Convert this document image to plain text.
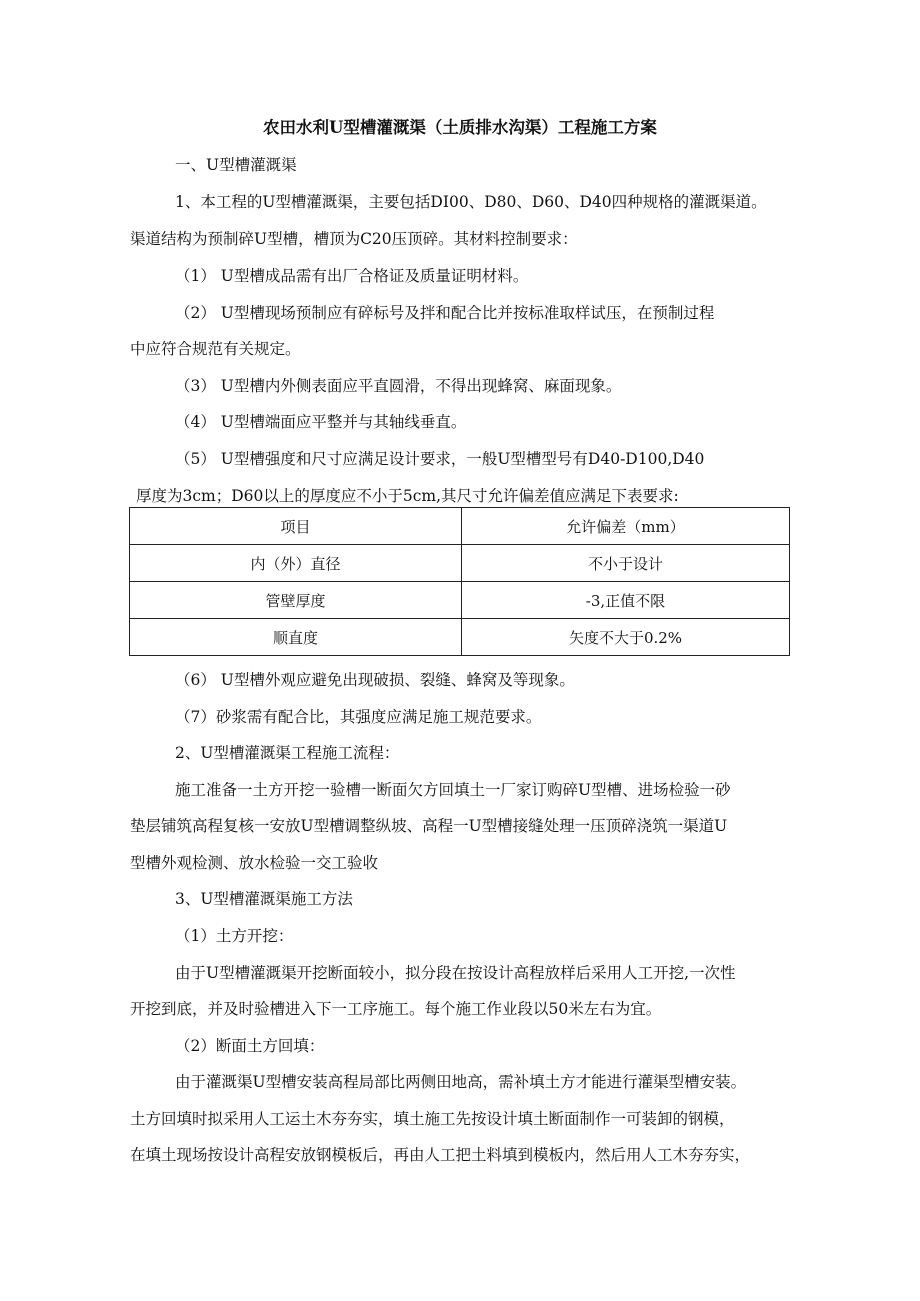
农田水利U型槽灌溉渠（土质排水沟渠）工程施工方案
一、U型槽灌溉渠
1、本工程的U型槽灌溉渠，主要包括DI00、D80、D60、D40四种规格的灌溉渠道。
渠道结构为预制碎U型槽，槽顶为C20压顶碎。其材料控制要求：
（1） U型槽成品需有出厂合格证及质量证明材料。
（2） U型槽现场预制应有碎标号及拌和配合比并按标准取样试压，在预制过程
中应符合规范有关规定。
（3） U型槽内外侧表面应平直圆滑，不得出现蜂窝、麻面现象。
（4） U型槽端面应平整并与其轴线垂直。
（5） U型槽强度和尺寸应满足设计要求，一般U型槽型号有D40-D100,D40
厚度为3cm；D60以上的厚度应不小于5cm,其尺寸允许偏差值应满足下表要求:
项目	允许偏差（mm）
内（外）直径	不小于设计
管壁厚度	-3,正值不限
顺直度	矢度不大于0.2%
（6） U型槽外观应避免出现破损、裂缝、蜂窝及等现象。
（7）砂浆需有配合比，其强度应满足施工规范要求。
2、U型槽灌溉渠工程施工流程：
施工准备一土方开挖一验槽一断面欠方回填土一厂家订购碎U型槽、进场检验一砂
垫层铺筑高程复核一安放U型槽调整纵坡、高程一U型槽接缝处理一压顶碎浇筑一渠道U
型槽外观检测、放水检验一交工验收
3、U型槽灌溉渠施工方法
（1）土方开挖：
由于U型槽灌溉渠开挖断面较小，拟分段在按设计高程放样后采用人工开挖,一次性
开挖到底，并及时验槽进入下一工序施工。每个施工作业段以50米左右为宜。
（2）断面土方回填：
由于灌溉渠U型槽安装高程局部比两侧田地高，需补填土方才能进行灌渠型槽安装。
土方回填时拟采用人工运土木夯夯实，填土施工先按设计填土断面制作一可装卸的钢模，
在填土现场按设计高程安放钢模板后，再由人工把土料填到模板内，然后用人工木夯夯实，
